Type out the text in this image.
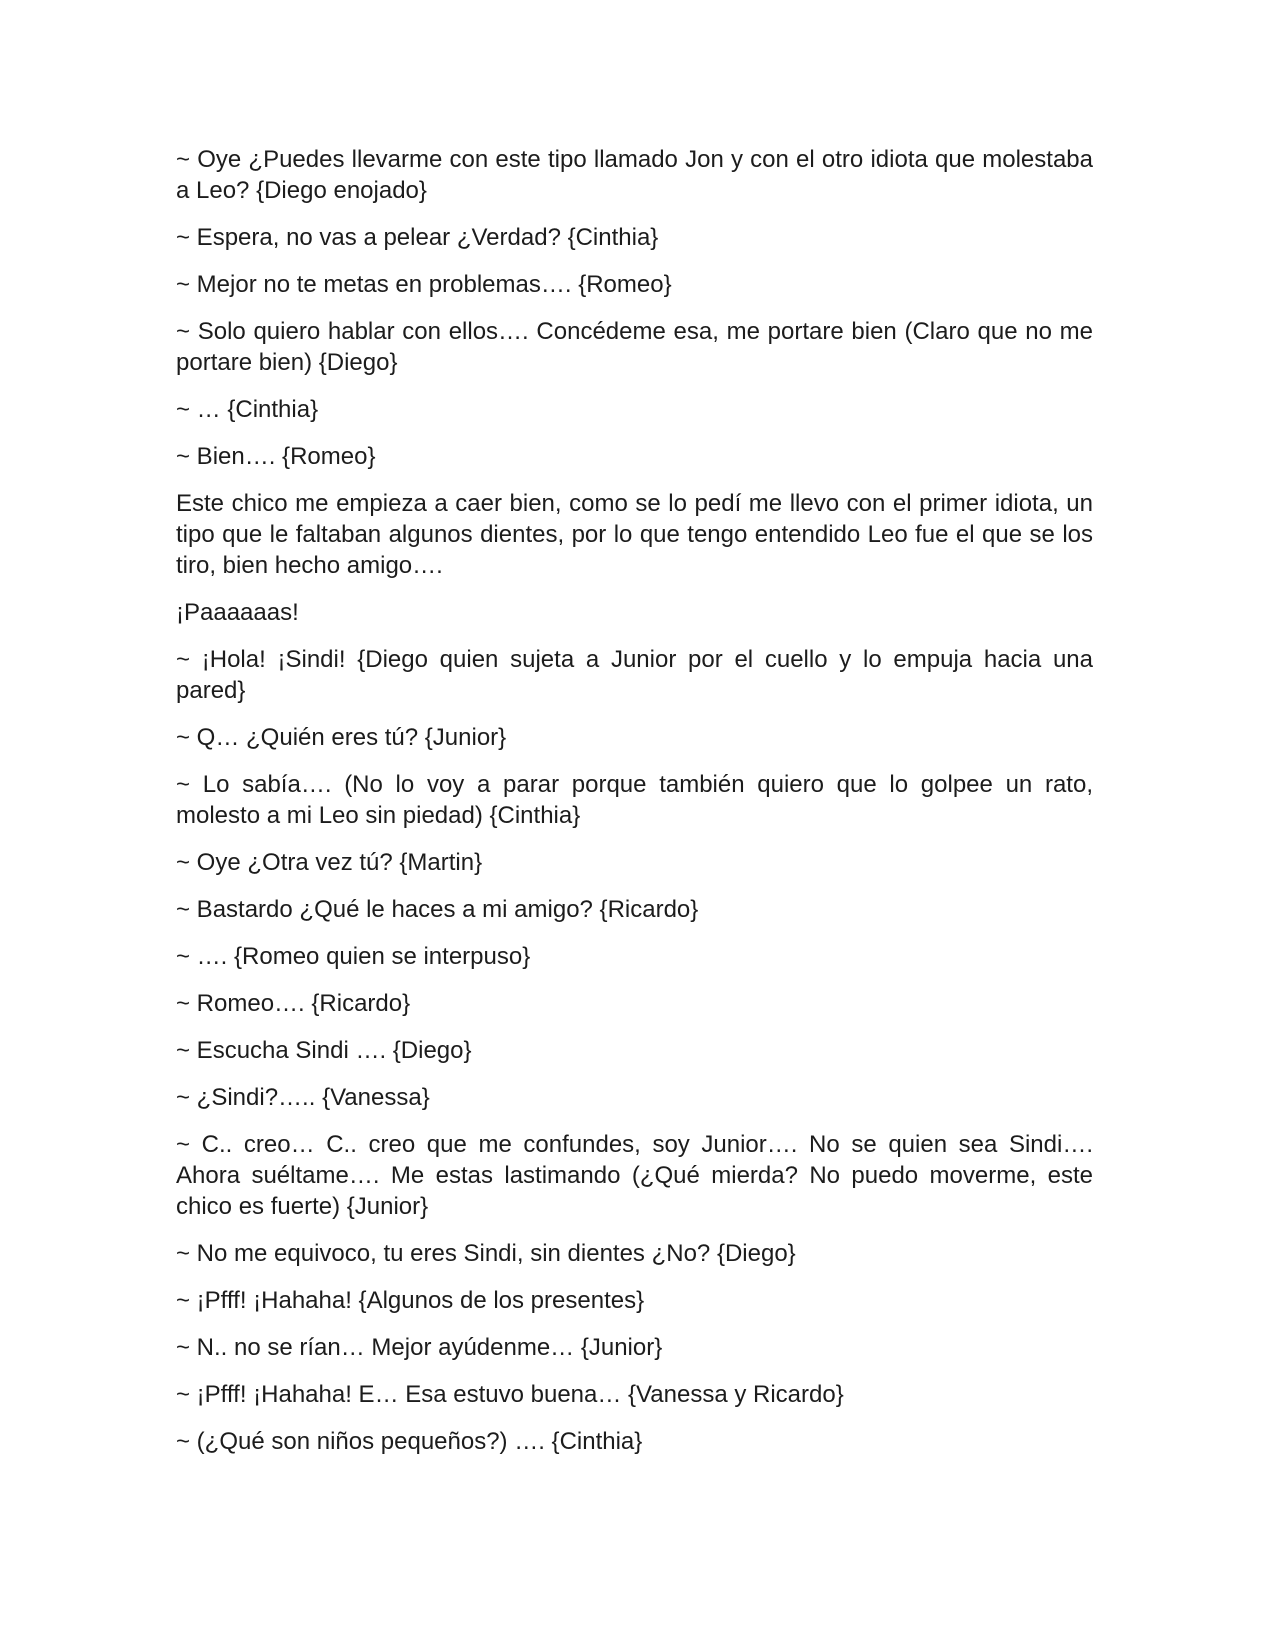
~ Oye ¿Puedes llevarme con este tipo llamado Jon y con el otro idiota que molestaba a Leo? {Diego enojado}

~ Espera, no vas a pelear ¿Verdad? {Cinthia}

~ Mejor no te metas en problemas…. {Romeo}

~ Solo quiero hablar con ellos…. Concédeme esa, me portare bien (Claro que no me portare bien) {Diego}

~ … {Cinthia}

~ Bien…. {Romeo}

Este chico me empieza a caer bien, como se lo pedí me llevo con el primer idiota, un tipo que le faltaban algunos dientes, por lo que tengo entendido Leo fue el que se los tiro, bien hecho amigo….

¡Paaaaaas!

~ ¡Hola! ¡Sindi! {Diego quien sujeta a Junior por el cuello y lo empuja hacia una pared}

~ Q… ¿Quién eres tú? {Junior}

~ Lo sabía…. (No lo voy a parar porque también quiero que lo golpee un rato, molesto a mi Leo sin piedad) {Cinthia}

~ Oye ¿Otra vez tú? {Martin}

~ Bastardo ¿Qué le haces a mi amigo? {Ricardo}

~ …. {Romeo quien se interpuso}

~ Romeo…. {Ricardo}

~ Escucha Sindi …. {Diego}

~ ¿Sindi?….. {Vanessa}

~ C.. creo… C.. creo que me confundes, soy Junior…. No se quien sea Sindi…. Ahora suéltame…. Me estas lastimando (¿Qué mierda? No puedo moverme, este chico es fuerte) {Junior}

~ No me equivoco, tu eres Sindi, sin dientes ¿No? {Diego}

~ ¡Pfff! ¡Hahaha! {Algunos de los presentes}

~ N.. no se rían… Mejor ayúdenme… {Junior}

~ ¡Pfff! ¡Hahaha! E… Esa estuvo buena… {Vanessa y Ricardo}

~ (¿Qué son niños pequeños?) …. {Cinthia}
